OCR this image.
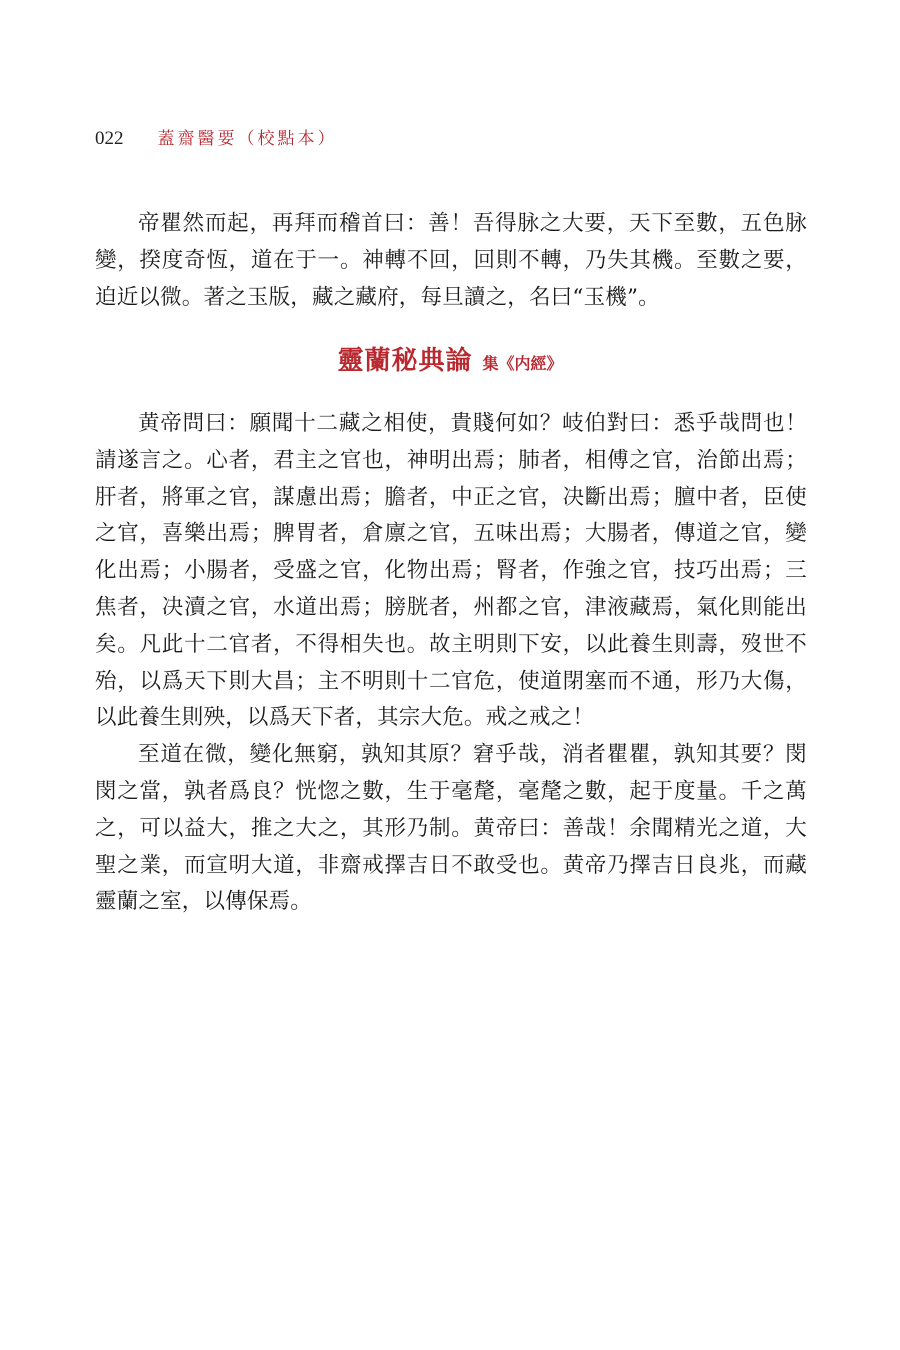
022 蓋齋醫要（校點本）

帝瞿然而起，再拜而稽首曰：善！吾得脉之大要，天下至數，五色脉變，揆度奇恆，道在于一。神轉不回，回則不轉，乃失其機。至數之要，迫近以微。著之玉版，藏之藏府，每旦讀之，名曰“玉機”。

靈蘭秘典論 集《内經》

黄帝問曰：願聞十二藏之相使，貴賤何如？岐伯對曰：悉乎哉問也！請遂言之。心者，君主之官也，神明出焉；肺者，相傅之官，治節出焉；肝者，將軍之官，謀慮出焉；膽者，中正之官，决斷出焉；膻中者，臣使之官，喜樂出焉；脾胃者，倉廪之官，五味出焉；大腸者，傳道之官，變化出焉；小腸者，受盛之官，化物出焉；腎者，作強之官，技巧出焉；三焦者，决瀆之官，水道出焉；膀胱者，州都之官，津液藏焉，氣化則能出矣。凡此十二官者，不得相失也。故主明則下安，以此養生則壽，歿世不殆，以爲天下則大昌；主不明則十二官危，使道閉塞而不通，形乃大傷，以此養生則殃，以爲天下者，其宗大危。戒之戒之！

至道在微，變化無窮，孰知其原？窘乎哉，消者瞿瞿，孰知其要？閔閔之當，孰者爲良？恍惚之數，生于毫氂，毫氂之數，起于度量。千之萬之，可以益大，推之大之，其形乃制。黄帝曰：善哉！余聞精光之道，大聖之業，而宣明大道，非齋戒擇吉日不敢受也。黄帝乃擇吉日良兆，而藏靈蘭之室，以傳保焉。
